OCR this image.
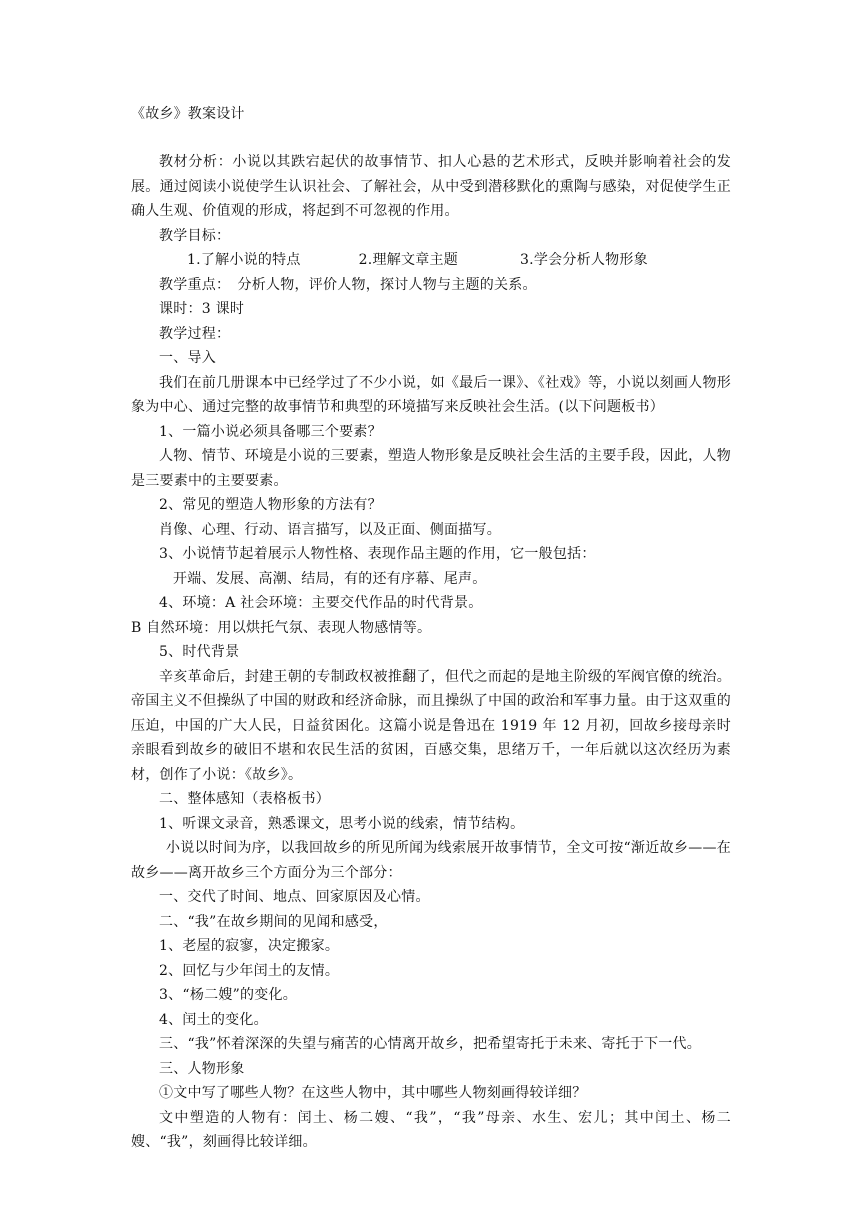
《故乡》教案设计

教材分析：小说以其跌宕起伏的故事情节、扣人心悬的艺术形式，反映并影响着社会的发展。通过阅读小说使学生认识社会、了解社会，从中受到潜移默化的熏陶与感染，对促使学生正确人生观、价值观的形成，将起到不可忽视的作用。

教学目标：

1.了解小说的特点	2.理解文章主题	3.学会分析人物形象

教学重点：　分析人物，评价人物，探讨人物与主题的关系。

课时：3 课时

教学过程：

一、导入

我们在前几册课本中已经学过了不少小说，如《最后一课》、《社戏》等，小说以刻画人物形象为中心、通过完整的故事情节和典型的环境描写来反映社会生活。(以下问题板书）

1、一篇小说必须具备哪三个要素？

人物、情节、环境是小说的三要素，塑造人物形象是反映社会生活的主要手段，因此，人物是三要素中的主要要素。

2、常见的塑造人物形象的方法有？

肖像、心理、行动、语言描写，以及正面、侧面描写。

3、小说情节起着展示人物性格、表现作品主题的作用，它一般包括：

开端、发展、高潮、结局，有的还有序幕、尾声。

4、环境：A 社会环境：主要交代作品的时代背景。

B 自然环境：用以烘托气氛、表现人物感情等。

5、时代背景

辛亥革命后，封建王朝的专制政权被推翻了，但代之而起的是地主阶级的军阀官僚的统治。帝国主义不但操纵了中国的财政和经济命脉，而且操纵了中国的政治和军事力量。由于这双重的压迫，中国的广大人民，日益贫困化。这篇小说是鲁迅在 1919 年 12 月初，回故乡接母亲时亲眼看到故乡的破旧不堪和农民生活的贫困，百感交集，思绪万千，一年后就以这次经历为素材，创作了小说：《故乡》。

二、整体感知（表格板书）

1、听课文录音，熟悉课文，思考小说的线索，情节结构。

小说以时间为序，以我回故乡的所见所闻为线索展开故事情节，全文可按“渐近故乡——在故乡——离开故乡三个方面分为三个部分：

一、交代了时间、地点、回家原因及心情。

二、“我”在故乡期间的见闻和感受，

1、老屋的寂寥，决定搬家。

2、回忆与少年闰土的友情。

3、“杨二嫂”的变化。

4、闰土的变化。

三、“我”怀着深深的失望与痛苦的心情离开故乡，把希望寄托于未来、寄托于下一代。

三、人物形象

①文中写了哪些人物？在这些人物中，其中哪些人物刻画得较详细？

文中塑造的人物有：闰土、杨二嫂、“我”，“我”母亲、水生、宏儿；其中闰土、杨二嫂、“我”，刻画得比较详细。
